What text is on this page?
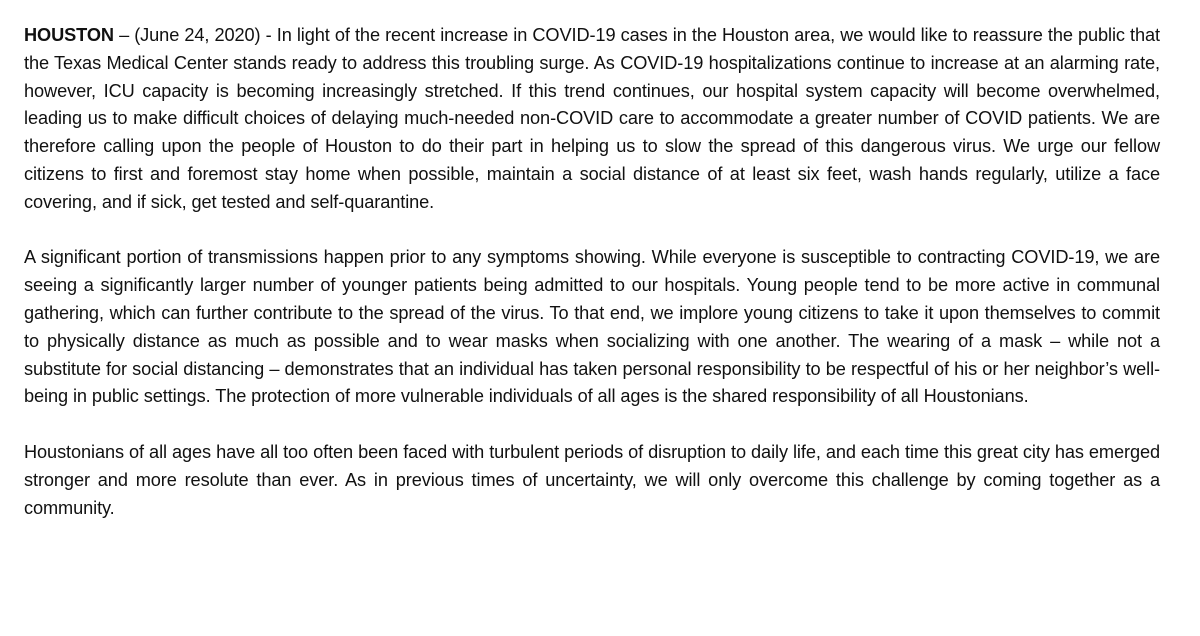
HOUSTON – (June 24, 2020) - In light of the recent increase in COVID-19 cases in the Houston area, we would like to reassure the public that the Texas Medical Center stands ready to address this troubling surge. As COVID-19 hospitalizations continue to increase at an alarming rate, however, ICU capacity is becoming increasingly stretched. If this trend continues, our hospital system capacity will become overwhelmed, leading us to make difficult choices of delaying much-needed non-COVID care to accommodate a greater number of COVID patients. We are therefore calling upon the people of Houston to do their part in helping us to slow the spread of this dangerous virus. We urge our fellow citizens to first and foremost stay home when possible, maintain a social distance of at least six feet, wash hands regularly, utilize a face covering, and if sick, get tested and self-quarantine.

A significant portion of transmissions happen prior to any symptoms showing. While everyone is susceptible to contracting COVID-19, we are seeing a significantly larger number of younger patients being admitted to our hospitals. Young people tend to be more active in communal gathering, which can further contribute to the spread of the virus. To that end, we implore young citizens to take it upon themselves to commit to physically distance as much as possible and to wear masks when socializing with one another. The wearing of a mask – while not a substitute for social distancing – demonstrates that an individual has taken personal responsibility to be respectful of his or her neighbor’s well-being in public settings. The protection of more vulnerable individuals of all ages is the shared responsibility of all Houstonians.

Houstonians of all ages have all too often been faced with turbulent periods of disruption to daily life, and each time this great city has emerged stronger and more resolute than ever. As in previous times of uncertainty, we will only overcome this challenge by coming together as a community.
